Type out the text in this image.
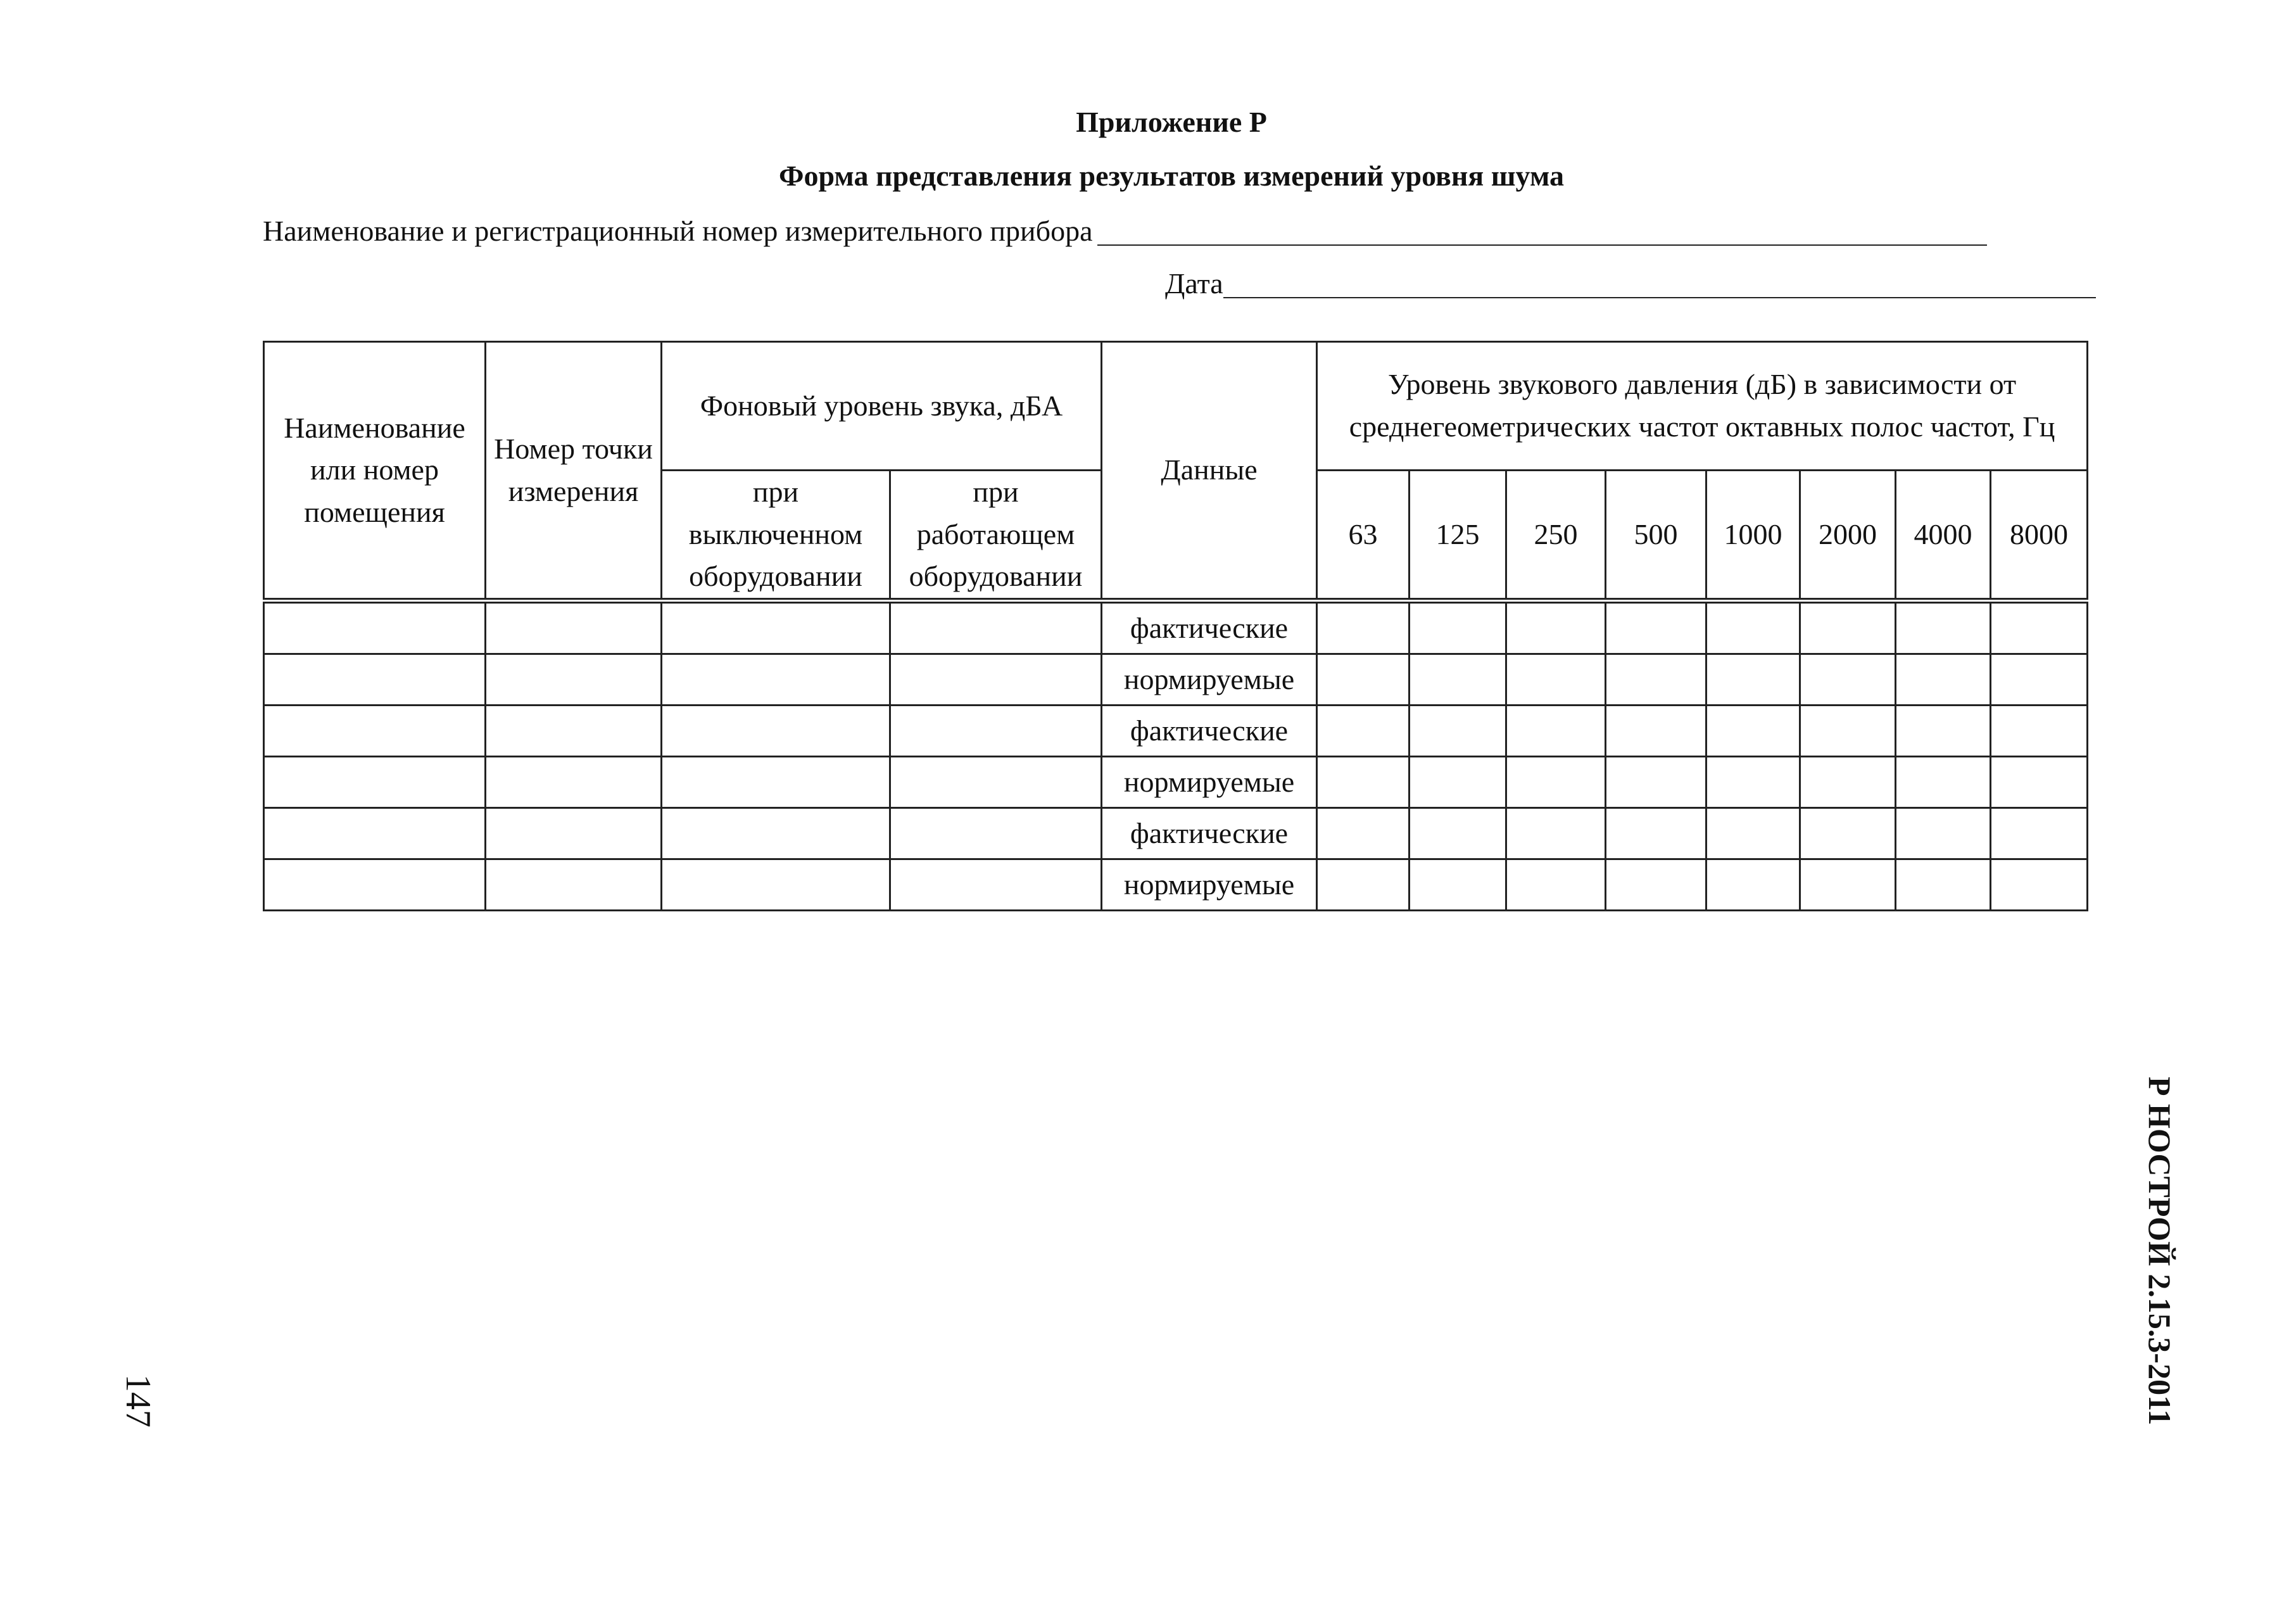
Приложение Р
Форма представления результатов измерений уровня шума
Наименование и регистрационный номер измерительного прибора
Дата
Наименование или номер помещения	Номер точки измерения	Фоновый уровень звука, дБА		Данные	Уровень звукового давления (дБ) в зависимости от среднегеометрических частот октавных полос частот, Гц							
		при выключенном оборудовании	при работающем оборудовании		63	125	250	500	1000	2000	4000	8000
				фактические								
				нормируемые								
				фактические								
				нормируемые								
				фактические								
				нормируемые								
147	Р НОСТРОЙ 2.15.3-2011
